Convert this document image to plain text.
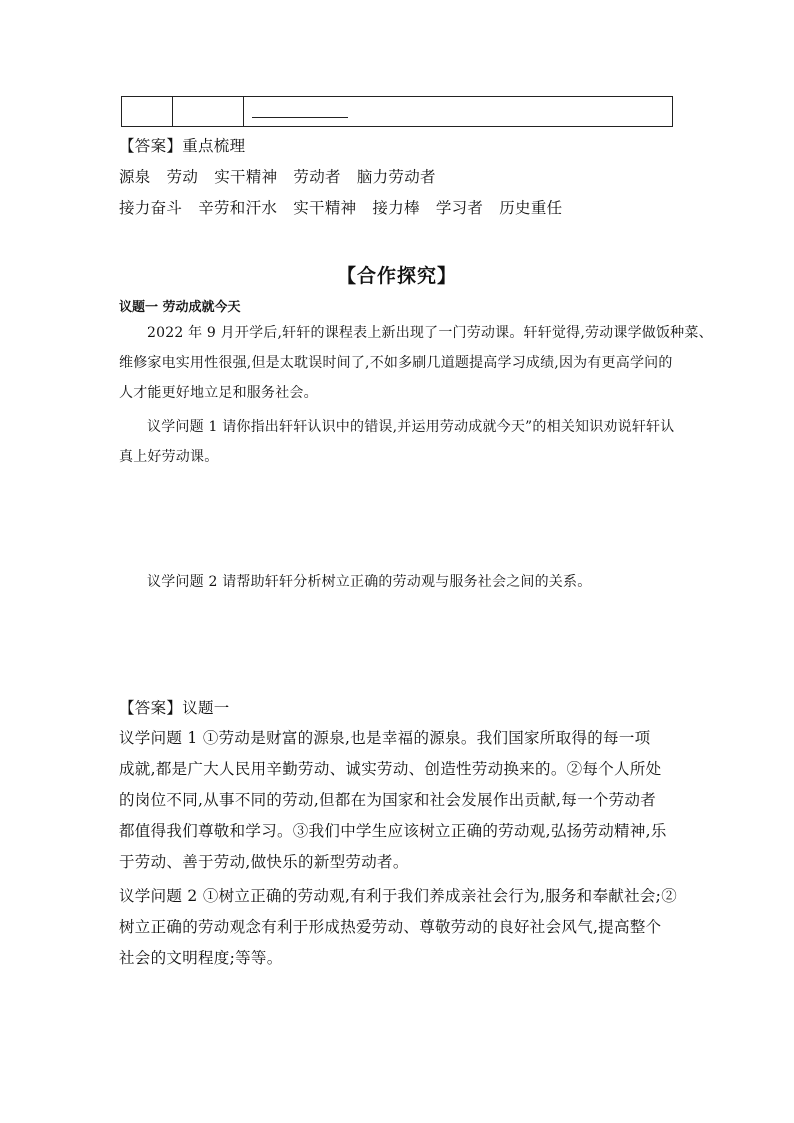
【答案】重点梳理
源泉 劳动 实干精神 劳动者 脑力劳动者
接力奋斗 辛劳和汗水 实干精神 接力棒 学习者 历史重任
【合作探究】
议题一 劳动成就今天
2022 年 9 月开学后,轩轩的课程表上新出现了一门劳动课。轩轩觉得,劳动课学做饭种菜、
维修家电实用性很强,但是太耽误时间了,不如多刷几道题提高学习成绩,因为有更高学问的
人才能更好地立足和服务社会。
议学问题 1 请你指出轩轩认识中的错误,并运用劳动成就今天”的相关知识劝说轩轩认
真上好劳动课。
议学问题 2 请帮助轩轩分析树立正确的劳动观与服务社会之间的关系。
【答案】议题一
议学问题 1 ①劳动是财富的源泉,也是幸福的源泉。我们国家所取得的每一项
成就,都是广大人民用辛勤劳动、诚实劳动、创造性劳动换来的。②每个人所处
的岗位不同,从事不同的劳动,但都在为国家和社会发展作出贡献,每一个劳动者
都值得我们尊敬和学习。③我们中学生应该树立正确的劳动观,弘扬劳动精神,乐
于劳动、善于劳动,做快乐的新型劳动者。
议学问题 2 ①树立正确的劳动观,有利于我们养成亲社会行为,服务和奉献社会;②
树立正确的劳动观念有利于形成热爱劳动、尊敬劳动的良好社会风气,提高整个
社会的文明程度;等等。
